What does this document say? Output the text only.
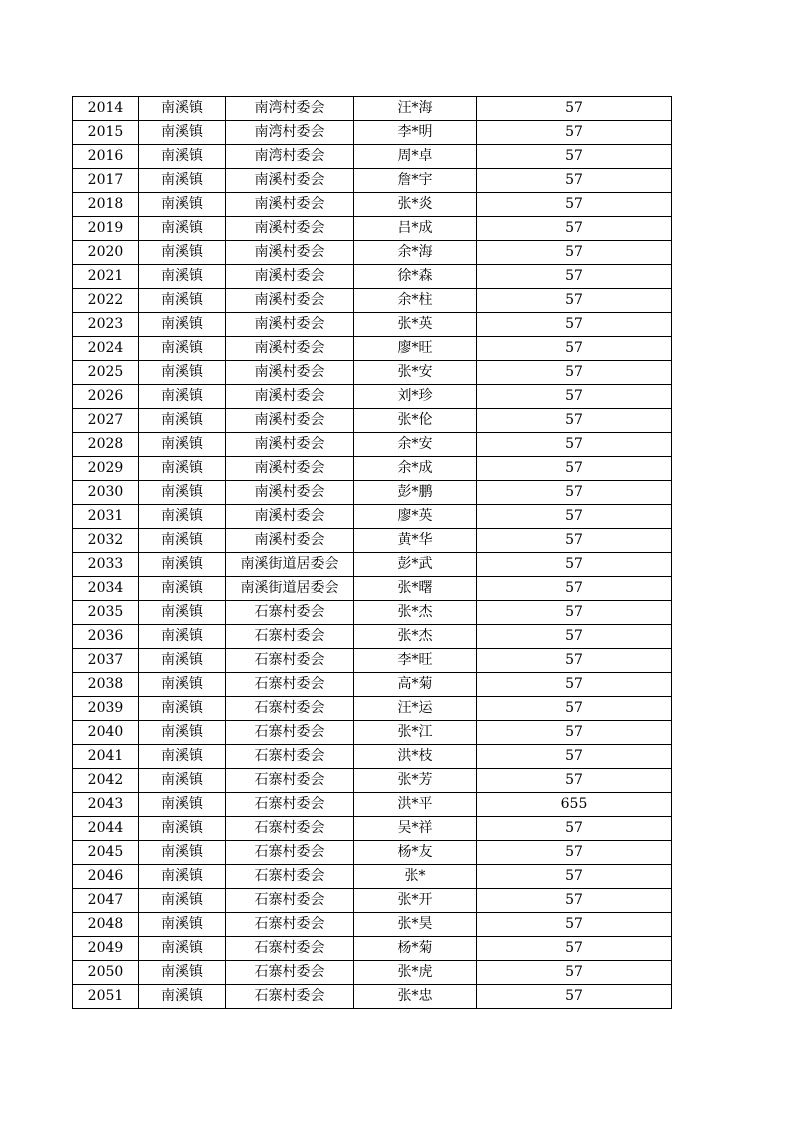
2014	南溪镇	南湾村委会	汪*海	57
2015	南溪镇	南湾村委会	李*明	57
2016	南溪镇	南湾村委会	周*卓	57
2017	南溪镇	南溪村委会	詹*宇	57
2018	南溪镇	南溪村委会	张*炎	57
2019	南溪镇	南溪村委会	吕*成	57
2020	南溪镇	南溪村委会	余*海	57
2021	南溪镇	南溪村委会	徐*森	57
2022	南溪镇	南溪村委会	余*柱	57
2023	南溪镇	南溪村委会	张*英	57
2024	南溪镇	南溪村委会	廖*旺	57
2025	南溪镇	南溪村委会	张*安	57
2026	南溪镇	南溪村委会	刘*珍	57
2027	南溪镇	南溪村委会	张*伦	57
2028	南溪镇	南溪村委会	余*安	57
2029	南溪镇	南溪村委会	余*成	57
2030	南溪镇	南溪村委会	彭*鹏	57
2031	南溪镇	南溪村委会	廖*英	57
2032	南溪镇	南溪村委会	黄*华	57
2033	南溪镇	南溪街道居委会	彭*武	57
2034	南溪镇	南溪街道居委会	张*曙	57
2035	南溪镇	石寨村委会	张*杰	57
2036	南溪镇	石寨村委会	张*杰	57
2037	南溪镇	石寨村委会	李*旺	57
2038	南溪镇	石寨村委会	高*菊	57
2039	南溪镇	石寨村委会	汪*运	57
2040	南溪镇	石寨村委会	张*江	57
2041	南溪镇	石寨村委会	洪*枝	57
2042	南溪镇	石寨村委会	张*芳	57
2043	南溪镇	石寨村委会	洪*平	655
2044	南溪镇	石寨村委会	吴*祥	57
2045	南溪镇	石寨村委会	杨*友	57
2046	南溪镇	石寨村委会	张*	57
2047	南溪镇	石寨村委会	张*开	57
2048	南溪镇	石寨村委会	张*昊	57
2049	南溪镇	石寨村委会	杨*菊	57
2050	南溪镇	石寨村委会	张*虎	57
2051	南溪镇	石寨村委会	张*忠	57
